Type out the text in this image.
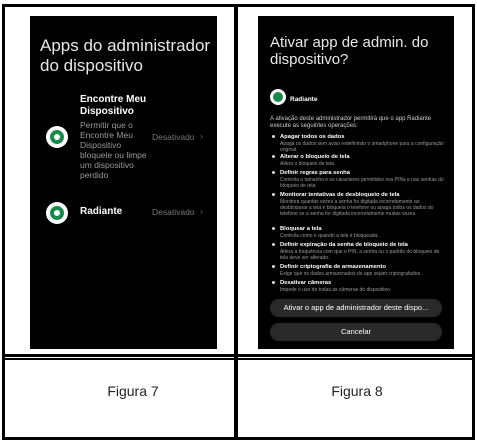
Apps do administrador do dispositivo
Encontre Meu
Dispositivo
Permitir que o Encontre Meu Dispositivo bloqueie ou limpe um dispositivo perdido
Desativado ›
Radiante	Desativado ›
Ativar app de admin. do dispositivo?
Radiante
A ativação deste administrador permitirá que o app Radiante execute as seguintes operações:
Apagar todos os dados
Apaga os dados sem aviso redefinindo o smartphone para a configuração original.
Alterar o bloqueio de tela
Altera o bloqueio de tela.
Definir regras para senha
Controla o tamanho e os caracteres permitidos nos PINs e nas senhas do bloqueio de tela.
Monitorar tentativas de desbloqueio de tela
Monitora quantas vezes a senha foi digitada incorretamente ao desbloquear a tela e bloqueia o telefone ou apaga todos os dados do telefone se a senha for digitada incorretamente muitas vezes.
Bloquear a tela
Controla como e quando a tela é bloqueada.
Definir expiração da senha de bloqueio de tela
Altera a frequência com que o PIN, a senha ou o padrão do bloqueio de tela deve ser alterado.
Definir criptografia de armazenamento
Exige que os dados armazenados do app sejam criptografados.
Desativar câmeras
Impede o uso de todas as câmeras do dispositivo.
Ativar o app de administrador deste dispo...
Cancelar
Figura 7	Figura 8
